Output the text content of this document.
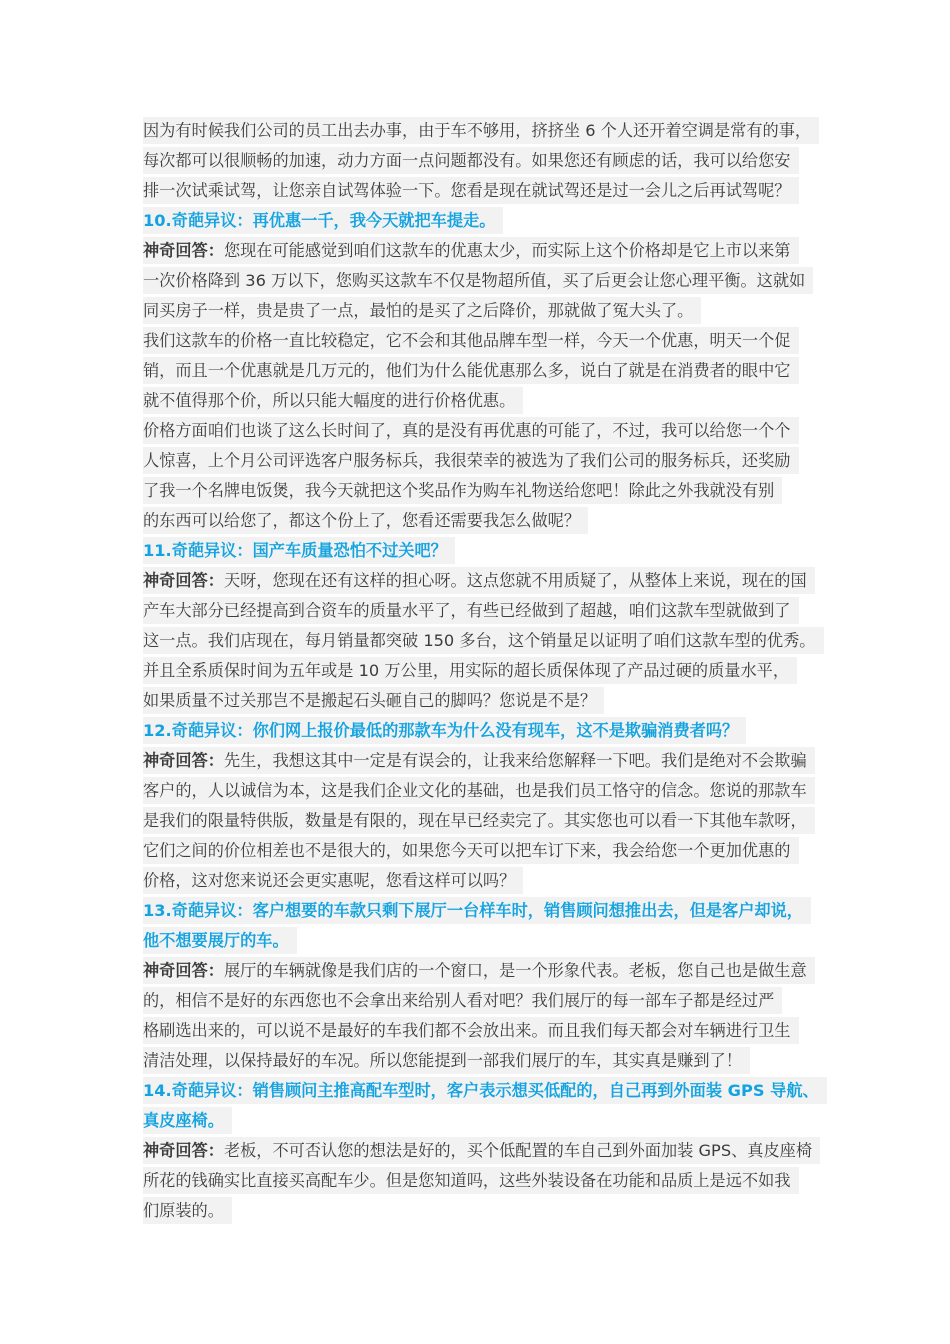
因为有时候我们公司的员工出去办事，由于车不够用，挤挤坐 6 个人还开着空调是常有的事，
每次都可以很顺畅的加速，动力方面一点问题都没有。如果您还有顾虑的话，我可以给您安
排一次试乘试驾，让您亲自试驾体验一下。您看是现在就试驾还是过一会儿之后再试驾呢？
10.奇葩异议：再优惠一千，我今天就把车提走。
神奇回答：您现在可能感觉到咱们这款车的优惠太少，而实际上这个价格却是它上市以来第
一次价格降到 36 万以下，您购买这款车不仅是物超所值，买了后更会让您心理平衡。这就如
同买房子一样，贵是贵了一点，最怕的是买了之后降价，那就做了冤大头了。
我们这款车的价格一直比较稳定，它不会和其他品牌车型一样，今天一个优惠，明天一个促
销，而且一个优惠就是几万元的，他们为什么能优惠那么多，说白了就是在消费者的眼中它
就不值得那个价，所以只能大幅度的进行价格优惠。
价格方面咱们也谈了这么长时间了，真的是没有再优惠的可能了，不过，我可以给您一个个
人惊喜，上个月公司评选客户服务标兵，我很荣幸的被选为了我们公司的服务标兵，还奖励
了我一个名牌电饭煲，我今天就把这个奖品作为购车礼物送给您吧！除此之外我就没有别
的东西可以给您了，都这个份上了，您看还需要我怎么做呢？
11.奇葩异议：国产车质量恐怕不过关吧？
神奇回答：天呀，您现在还有这样的担心呀。这点您就不用质疑了，从整体上来说，现在的国
产车大部分已经提高到合资车的质量水平了，有些已经做到了超越，咱们这款车型就做到了
这一点。我们店现在，每月销量都突破 150 多台，这个销量足以证明了咱们这款车型的优秀。
并且全系质保时间为五年或是 10 万公里，用实际的超长质保体现了产品过硬的质量水平，
如果质量不过关那岂不是搬起石头砸自己的脚吗？您说是不是？
12.奇葩异议：你们网上报价最低的那款车为什么没有现车，这不是欺骗消费者吗？
神奇回答：先生，我想这其中一定是有误会的，让我来给您解释一下吧。我们是绝对不会欺骗
客户的，人以诚信为本，这是我们企业文化的基础，也是我们员工恪守的信念。您说的那款车
是我们的限量特供版，数量是有限的，现在早已经卖完了。其实您也可以看一下其他车款呀，
它们之间的价位相差也不是很大的，如果您今天可以把车订下来，我会给您一个更加优惠的
价格，这对您来说还会更实惠呢，您看这样可以吗？
13.奇葩异议：客户想要的车款只剩下展厅一台样车时，销售顾问想推出去，但是客户却说，
他不想要展厅的车。
神奇回答：展厅的车辆就像是我们店的一个窗口，是一个形象代表。老板，您自己也是做生意
的，相信不是好的东西您也不会拿出来给别人看对吧？我们展厅的每一部车子都是经过严
格刷选出来的，可以说不是最好的车我们都不会放出来。而且我们每天都会对车辆进行卫生
清洁处理，以保持最好的车况。所以您能提到一部我们展厅的车，其实真是赚到了！
14.奇葩异议：销售顾问主推高配车型时，客户表示想买低配的，自己再到外面装 GPS 导航、
真皮座椅。
神奇回答：老板，不可否认您的想法是好的，买个低配置的车自己到外面加装 GPS、真皮座椅
所花的钱确实比直接买高配车少。但是您知道吗，这些外装设备在功能和品质上是远不如我
们原装的。
